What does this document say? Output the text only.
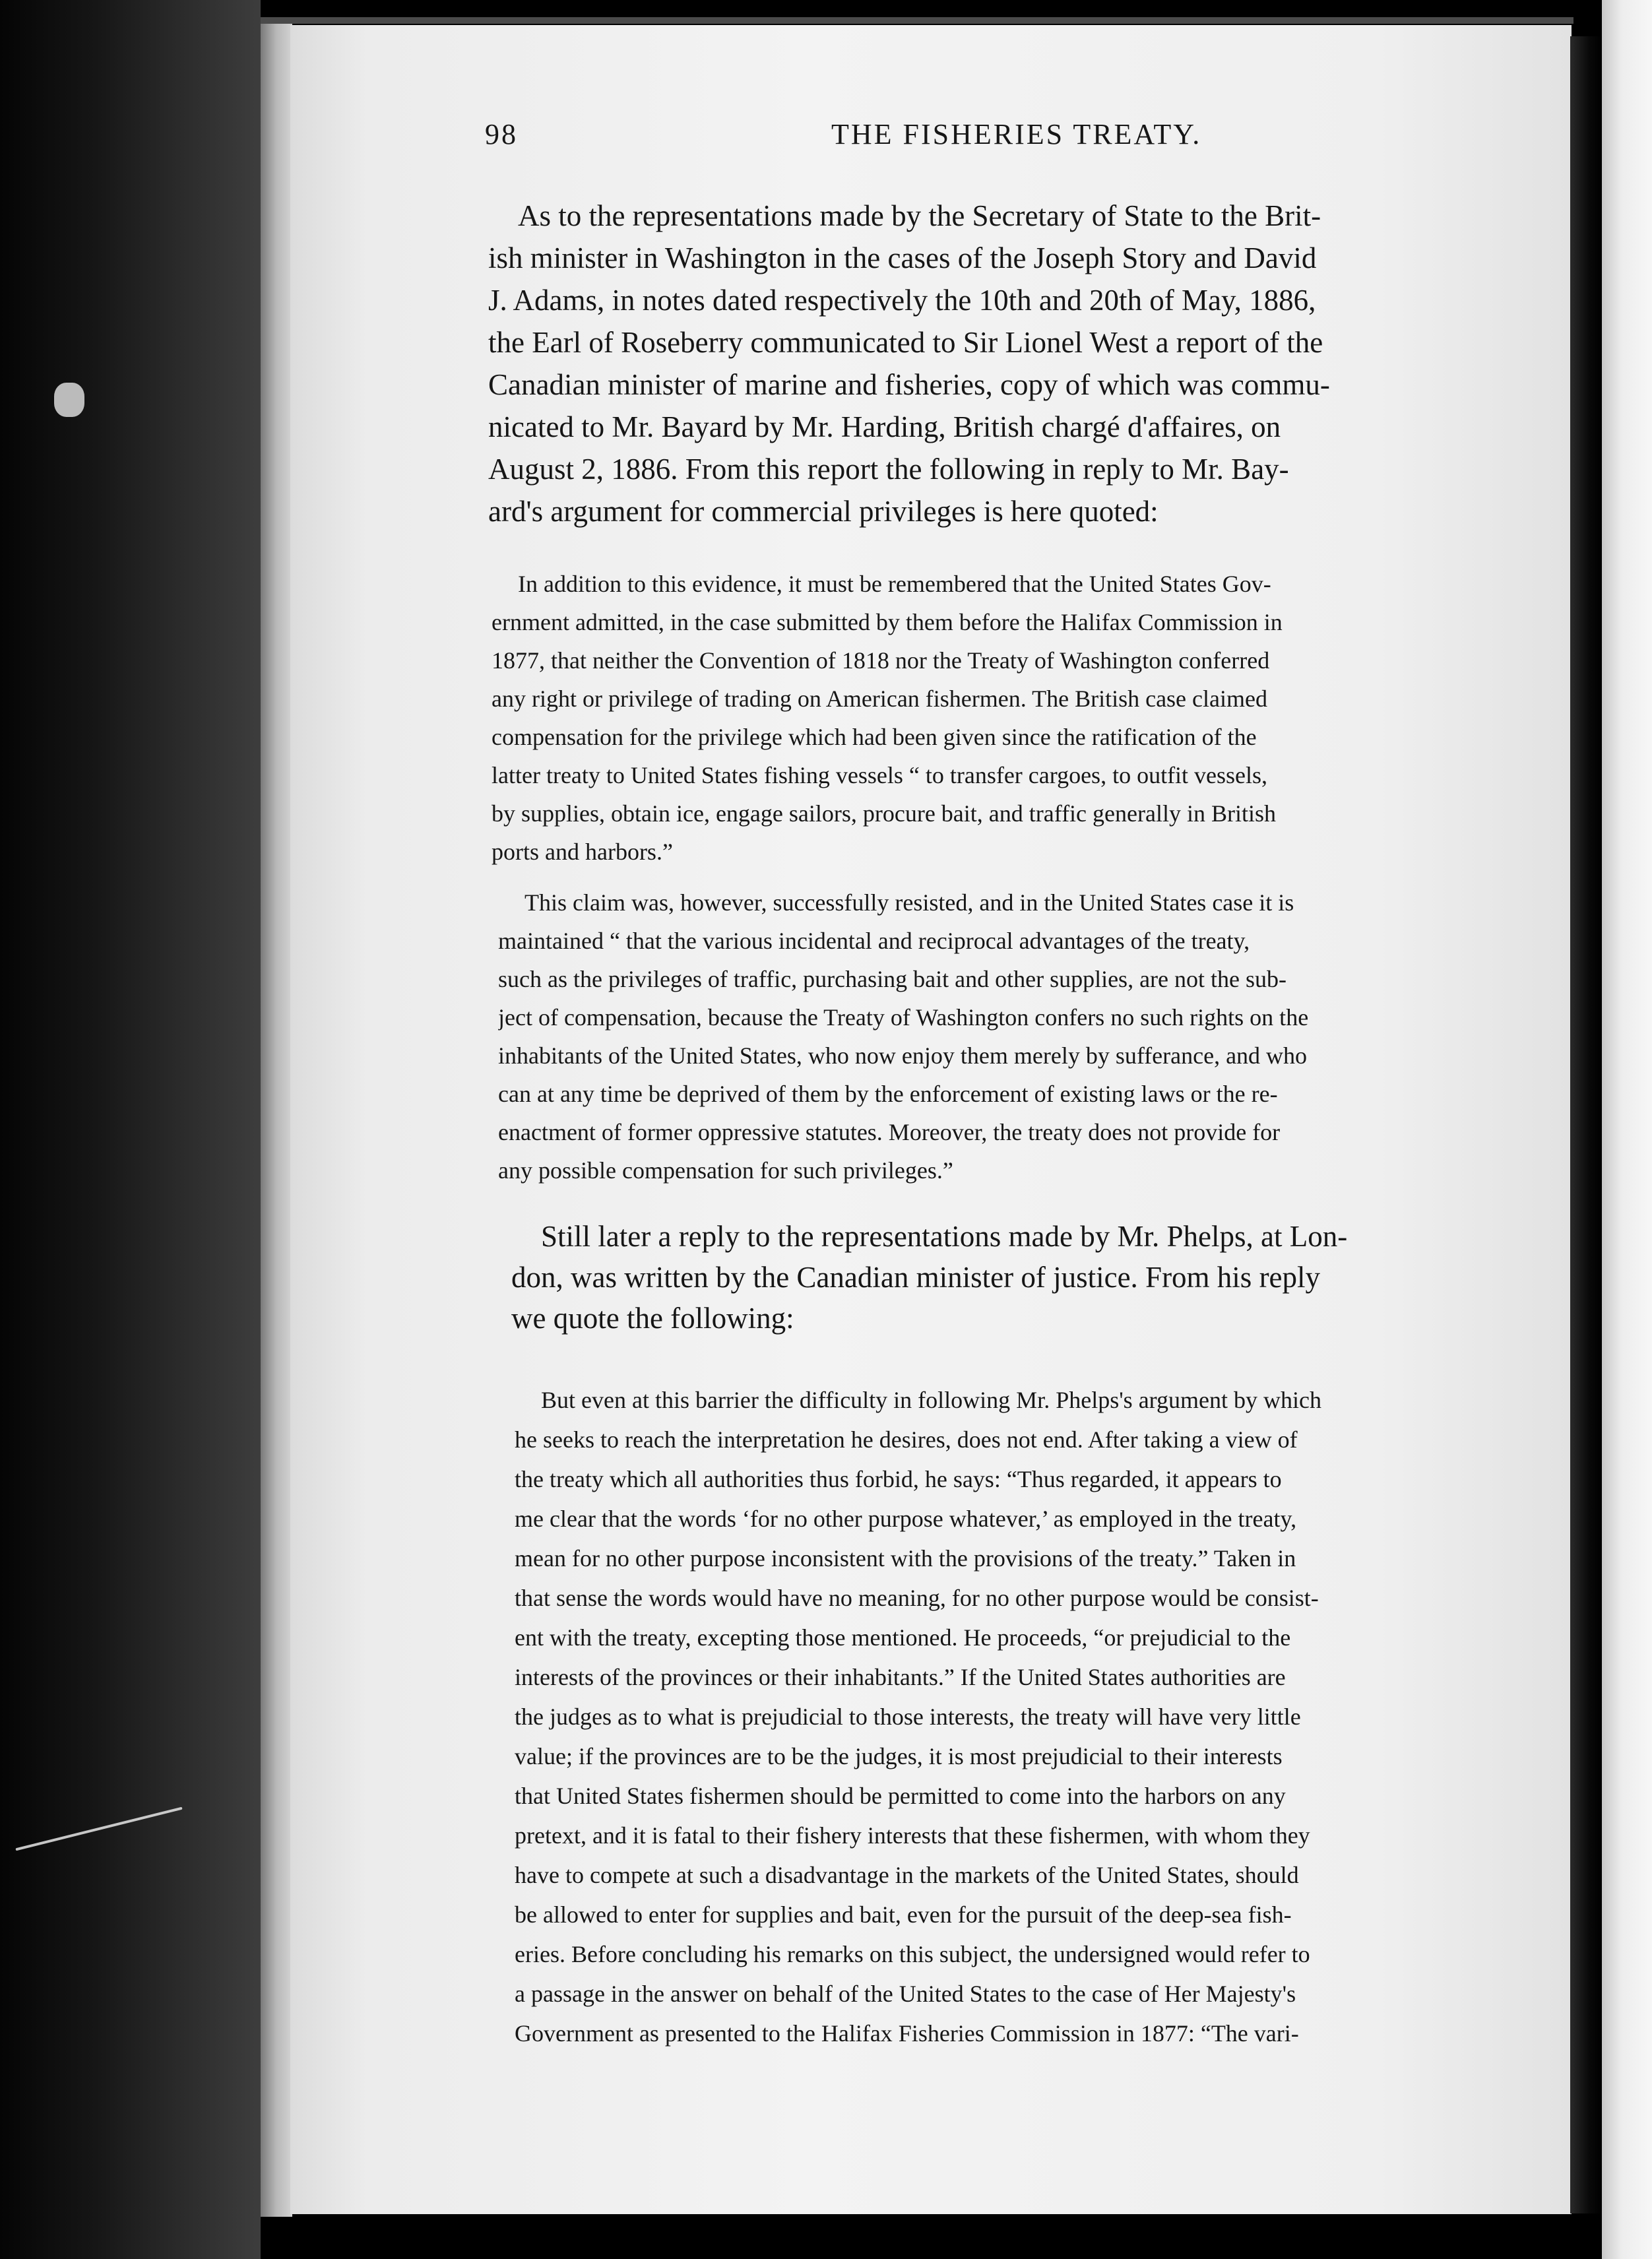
98	THE FISHERIES TREATY.
As to the representations made by the Secretary of State to the Brit-
ish minister in Washington in the cases of the Joseph Story and David
J. Adams, in notes dated respectively the 10th and 20th of May, 1886,
the Earl of Roseberry communicated to Sir Lionel West a report of the
Canadian minister of marine and fisheries, copy of which was commu-
nicated to Mr. Bayard by Mr. Harding, British chargé d'affaires, on
August 2, 1886. From this report the following in reply to Mr. Bay-
ard's argument for commercial privileges is here quoted:
In addition to this evidence, it must be remembered that the United States Gov-
ernment admitted, in the case submitted by them before the Halifax Commission in
1877, that neither the Convention of 1818 nor the Treaty of Washington conferred
any right or privilege of trading on American fishermen. The British case claimed
compensation for the privilege which had been given since the ratification of the
latter treaty to United States fishing vessels “ to transfer cargoes, to outfit vessels,
by supplies, obtain ice, engage sailors, procure bait, and traffic generally in British
ports and harbors.”
This claim was, however, successfully resisted, and in the United States case it is
maintained “ that the various incidental and reciprocal advantages of the treaty,
such as the privileges of traffic, purchasing bait and other supplies, are not the sub-
ject of compensation, because the Treaty of Washington confers no such rights on the
inhabitants of the United States, who now enjoy them merely by sufferance, and who
can at any time be deprived of them by the enforcement of existing laws or the re-
enactment of former oppressive statutes. Moreover, the treaty does not provide for
any possible compensation for such privileges.”
Still later a reply to the representations made by Mr. Phelps, at Lon-
don, was written by the Canadian minister of justice. From his reply
we quote the following:
But even at this barrier the difficulty in following Mr. Phelps's argument by which
he seeks to reach the interpretation he desires, does not end. After taking a view of
the treaty which all authorities thus forbid, he says: “Thus regarded, it appears to
me clear that the words ‘for no other purpose whatever,’ as employed in the treaty,
mean for no other purpose inconsistent with the provisions of the treaty.” Taken in
that sense the words would have no meaning, for no other purpose would be consist-
ent with the treaty, excepting those mentioned. He proceeds, “or prejudicial to the
interests of the provinces or their inhabitants.” If the United States authorities are
the judges as to what is prejudicial to those interests, the treaty will have very little
value; if the provinces are to be the judges, it is most prejudicial to their interests
that United States fishermen should be permitted to come into the harbors on any
pretext, and it is fatal to their fishery interests that these fishermen, with whom they
have to compete at such a disadvantage in the markets of the United States, should
be allowed to enter for supplies and bait, even for the pursuit of the deep-sea fish-
eries. Before concluding his remarks on this subject, the undersigned would refer to
a passage in the answer on behalf of the United States to the case of Her Majesty's
Government as presented to the Halifax Fisheries Commission in 1877: “The vari-
